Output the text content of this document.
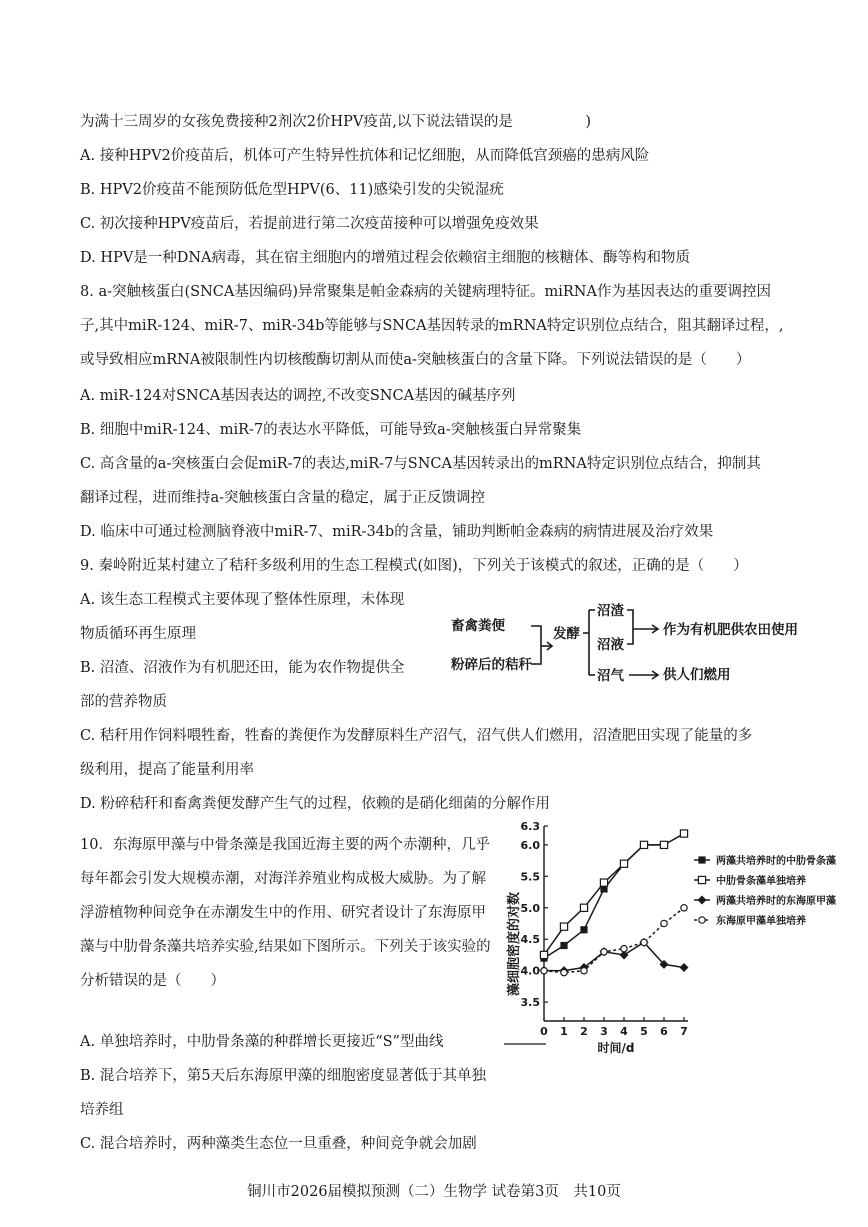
为满十三周岁的女孩免费接种2剂次2价HPV疫苗,以下说法错误的是　　　　　)
A. 接种HPV2价疫苗后，机体可产生特异性抗体和记忆细胞，从而降低宫颈癌的患病风险
B. HPV2价疫苗不能预防低危型HPV(6、11)感染引发的尖锐湿疣
C. 初次接种HPV疫苗后，若提前进行第二次疫苗接种可以增强免疫效果
D. HPV是一种DNA病毒，其在宿主细胞内的增殖过程会依赖宿主细胞的核糖体、酶等构和物质
8. a-突触核蛋白(SNCA基因编码)异常聚集是帕金森病的关键病理特征。miRNA作为基因表达的重要调控因
子,其中miR-124、miR-7、miR-34b等能够与SNCA基因转录的mRNA特定识别位点结合，阻其翻译过程，,
或导致相应mRNA被限制性内切核酸酶切割从而使a-突触核蛋白的含量下降。下列说法错误的是（　　）
A. miR-124对SNCA基因表达的调控,不改变SNCA基因的碱基序列
B. 细胞中miR-124、miR-7的表达水平降低，可能导致a-突触核蛋白异常聚集
C. 高含量的a-突核蛋白会促miR-7的表达,miR-7与SNCA基因转录出的mRNA特定识别位点结合，抑制其
翻译过程，进而维持a-突触核蛋白含量的稳定，属于正反馈调控
D. 临床中可通过检测脑脊液中miR-7、miR-34b的含量，铺助判断帕金森病的病情进展及治疗效果
9. 秦岭附近某村建立了秸秆多级利用的生态工程模式(如图)，下列关于该模式的叙述，正确的是（　　）
A. 该生态工程模式主要体现了整体性原理，未体现
物质循环再生原理
B. 沼渣、沼液作为有机肥还田，能为农作物提供全
部的营养物质
C. 秸秆用作饲料喂牲畜，牲畜的粪便作为发酵原料生产沼气，沼气供人们燃用，沼渣肥田实现了能量的多
级利用，提高了能量利用率
D. 粉碎秸秆和畜禽粪便发酵产生气的过程，依赖的是硝化细菌的分解作用
畜禽粪便
粉碎后的秸秆
发酵
沼渣
沼液
沼气
作为有机肥供农田使用
供人们燃用
10．东海原甲藻与中骨条藻是我国近海主要的两个赤潮种，几乎每年都会引发大规模赤潮，对海洋养殖业构成极大威胁。为了解浮游植物种间竞争在赤潮发生中的作用、研究者设计了东海原甲藻与中肋骨条藻共培养实验,结果如下图所示。下列关于该实验的分析错误的是（　　）
A. 单独培养时，中肋骨条藻的种群增长更接近“S”型曲线
B. 混合培养下，第5天后东海原甲藻的细胞密度显著低于其单独培养组
C. 混合培养时，两种藻类生态位一旦重叠，种间竞争就会加剧
藻细胞密度的对数
时间/d
3.5
4.0
4.5
5.0
5.5
6.0
6.3
0 1 2 3 4 5 6 7
两藻共培养时的中肋骨条藻
中肋骨条藻单独培养
两藻共培养时的东海原甲藻
东海原甲藻单独培养
铜川市2026届模拟预测（二）生物学 试卷第3页　共10页
